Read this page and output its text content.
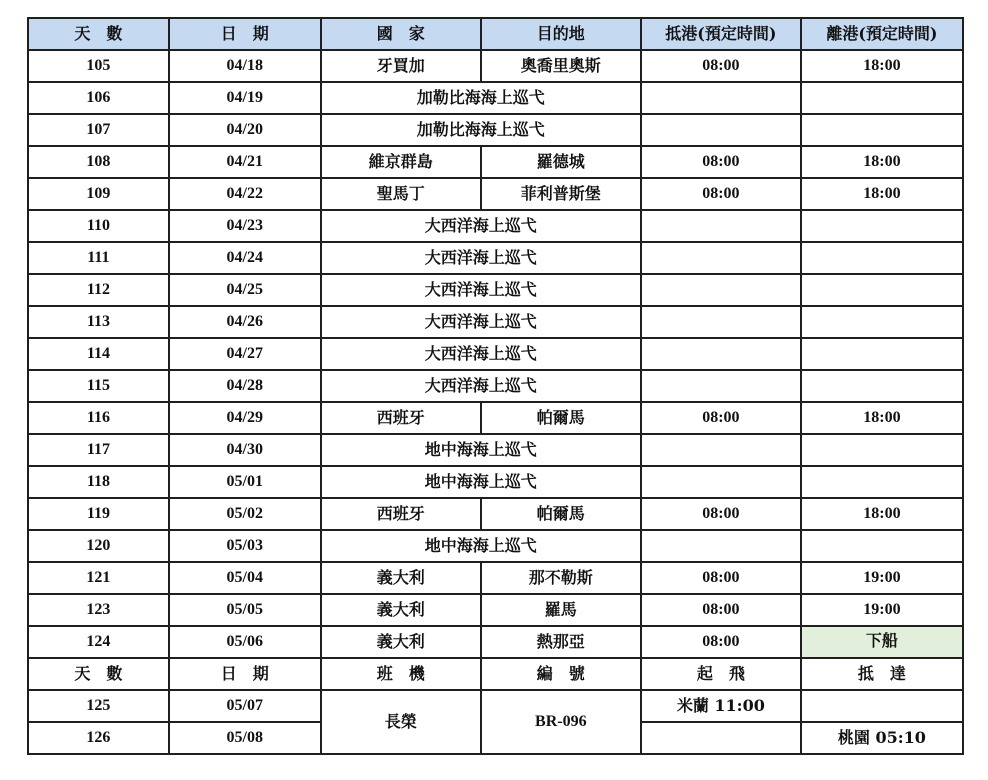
天　數	日　期	國　家	目的地	抵港(預定時間)	離港(預定時間)
105	04/18	牙買加	奧喬里奧斯	08:00	18:00
106	04/19	加勒比海海上巡弋			
107	04/20	加勒比海海上巡弋			
108	04/21	維京群島	羅德城	08:00	18:00
109	04/22	聖馬丁	菲利普斯堡	08:00	18:00
110	04/23	大西洋海上巡弋			
111	04/24	大西洋海上巡弋			
112	04/25	大西洋海上巡弋			
113	04/26	大西洋海上巡弋			
114	04/27	大西洋海上巡弋			
115	04/28	大西洋海上巡弋			
116	04/29	西班牙	帕爾馬	08:00	18:00
117	04/30	地中海海上巡弋			
118	05/01	地中海海上巡弋			
119	05/02	西班牙	帕爾馬	08:00	18:00
120	05/03	地中海海上巡弋			
121	05/04	義大利	那不勒斯	08:00	19:00
123	05/05	義大利	羅馬	08:00	19:00
124	05/06	義大利	熱那亞	08:00	下船
天　數	日　期	班　機	編　號	起　飛	抵　達
125	05/07	長榮	BR-096	米蘭 11:00	
126	05/08				桃園 05:10
